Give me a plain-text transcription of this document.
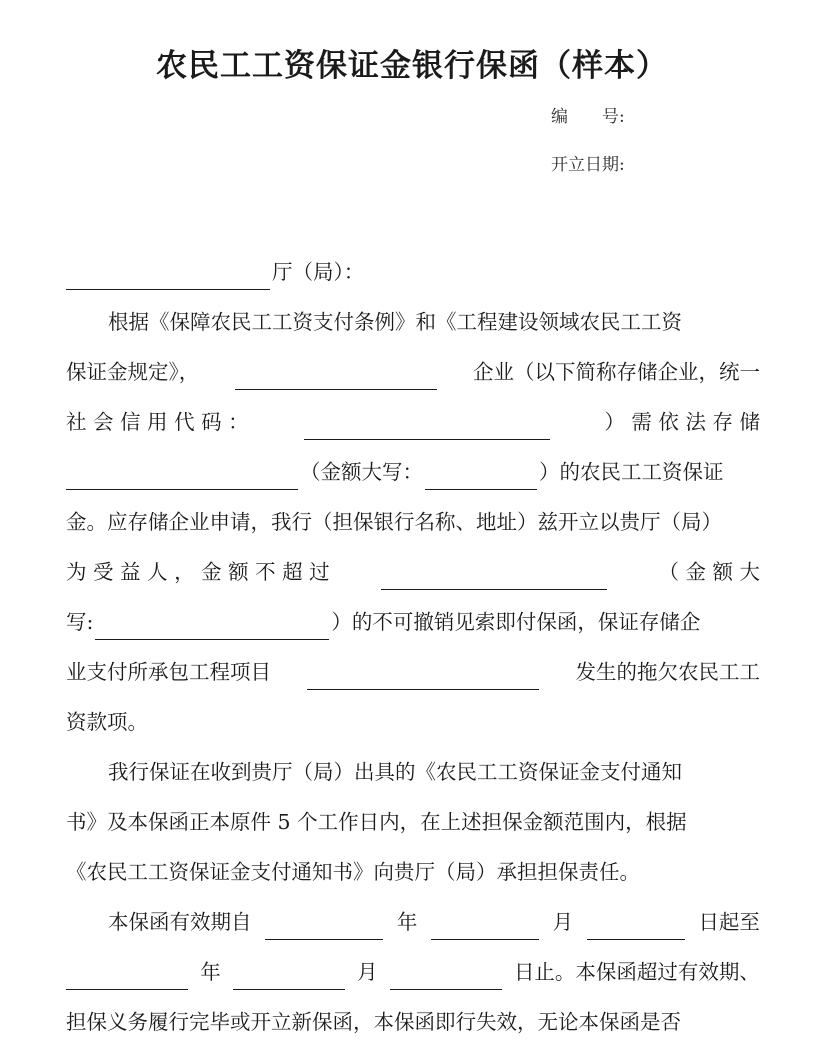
农民工工资保证金银行保函（样本）
编　　号:
开立日期:
厅（局）：
根据《保障农民工工资支付条例》和《工程建设领域农民工工资
保证金规定》，	企业（以下简称存储企业，统一
社 会 信 用 代 码 ：	） 需 依 法 存 储
（金额大写：	）的农民工工资保证
金。应存储企业申请，我行（担保银行名称、地址）兹开立以贵厅（局）
为 受 益 人 ， 金 额 不 超 过	（ 金 额 大
写:	）的不可撤销见索即付保函，保证存储企
业支付所承包工程项目	发生的拖欠农民工工
资款项。
我行保证在收到贵厅（局）出具的《农民工工资保证金支付通知
书》及本保函正本原件 5 个工作日内，在上述担保金额范围内，根据
《农民工工资保证金支付通知书》向贵厅（局）承担担保责任。
本保函有效期自	年	月	日起至
年	月	日止。本保函超过有效期、
担保义务履行完毕或开立新保函，本保函即行失效，无论本保函是否
